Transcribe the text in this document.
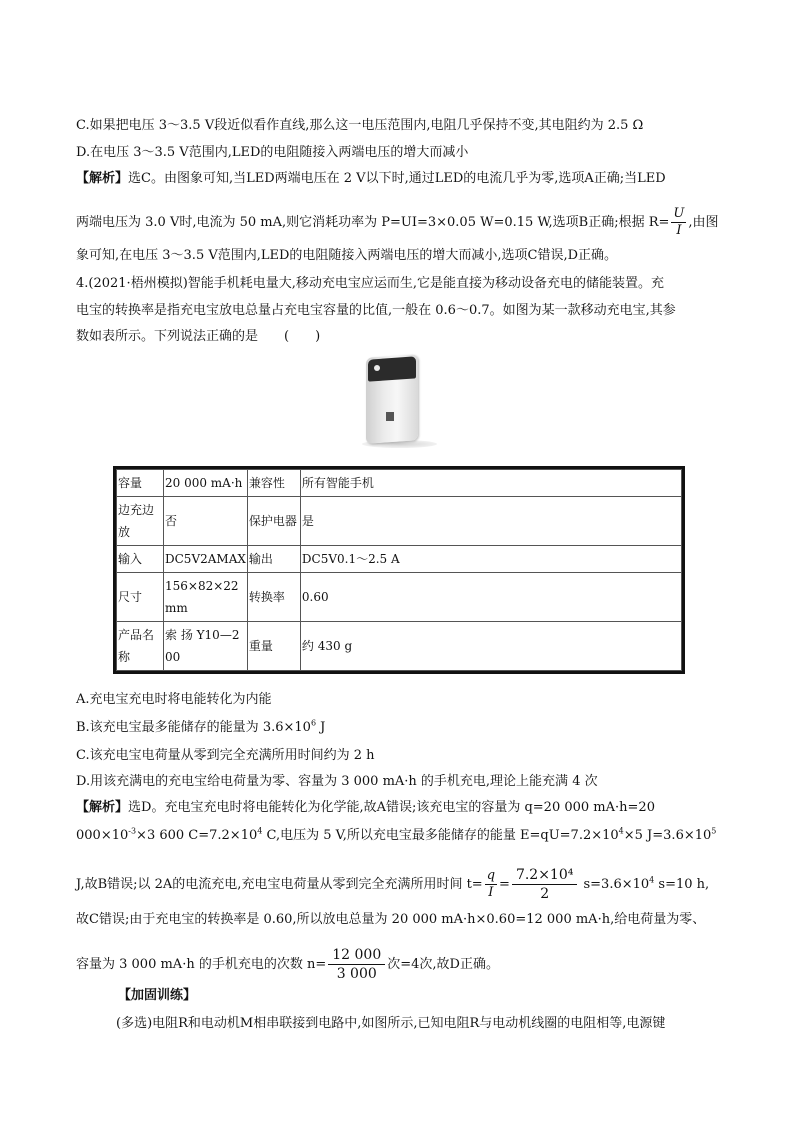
C.如果把电压 3～3.5 V段近似看作直线,那么这一电压范围内,电阻几乎保持不变,其电阻约为 2.5 Ω
D.在电压 3～3.5 V范围内,LED的电阻随接入两端电压的增大而减小
【解析】选C。由图象可知,当LED两端电压在 2 V以下时,通过LED的电流几乎为零,选项A正确;当LED
两端电压为 3.0 V时,电流为 50 mA,则它消耗功率为 P=UI=3×0.05 W=0.15 W,选项B正确;根据 $R= \frac{U}{I}$ ,由图
象可知,在电压 3～3.5 V范围内,LED的电阻随接入两端电压的增大而减小,选项C错误,D正确。
4.(2021·梧州模拟)智能手机耗电量大,移动充电宝应运而生,它是能直接为移动设备充电的储能装置。充
电宝的转换率是指充电宝放电总量占充电宝容量的比值,一般在 0.6～0.7。如图为某一款移动充电宝,其参
数如表所示。下列说法正确的是　　(　　)
容量	20 000 mA·h	兼容性	所有智能手机
边充边放	否	保护电器	是
输入	DC5V2AMAX	输出	DC5V0.1～2.5 A
尺寸	156×82×22 mm	转换率	0.60
产品名称	索 扬 Y10—200	重量	约 430 g
A.充电宝充电时将电能转化为内能
B.该充电宝最多能储存的能量为 $3.6\times 10^6$ J
C.该充电宝电荷量从零到完全充满所用时间约为 2 h
D.用该充满电的充电宝给电荷量为零、容量为 3 000 mA·h 的手机充电,理论上能充满 4 次
【解析】选D。充电宝充电时将电能转化为化学能,故A错误;该充电宝的容量为 q=20 000 mA·h=20
$000\times 10^{-3}\times 3$ 600 $C=7.2\times 10^4$ C,电压为 5 V,所以充电宝最多能储存的能量 $E=qU=7.2\times 10^4\times 5$ $J=3.6\times 10^5$
J,故B错误;以 2A的电流充电,充电宝电荷量从零到完全充满所用时间 $t= \frac{q}{I} = \frac{\text{7.2×10⁴}}{2} s=3.6\times 10^4$ s=10 h,
故C错误;由于充电宝的转换率是 0.60,所以放电总量为 20 000 mA·h×0.60=12 000 mA·h,给电荷量为零、
容量为 3 000 mA·h 的手机充电的次数 $n= \frac{12 000}{3 000}$ 次=4次,故D正确。
【加固训练】
(多选)电阻R和电动机M相串联接到电路中,如图所示,已知电阻R与电动机线圈的电阻相等,电源键
